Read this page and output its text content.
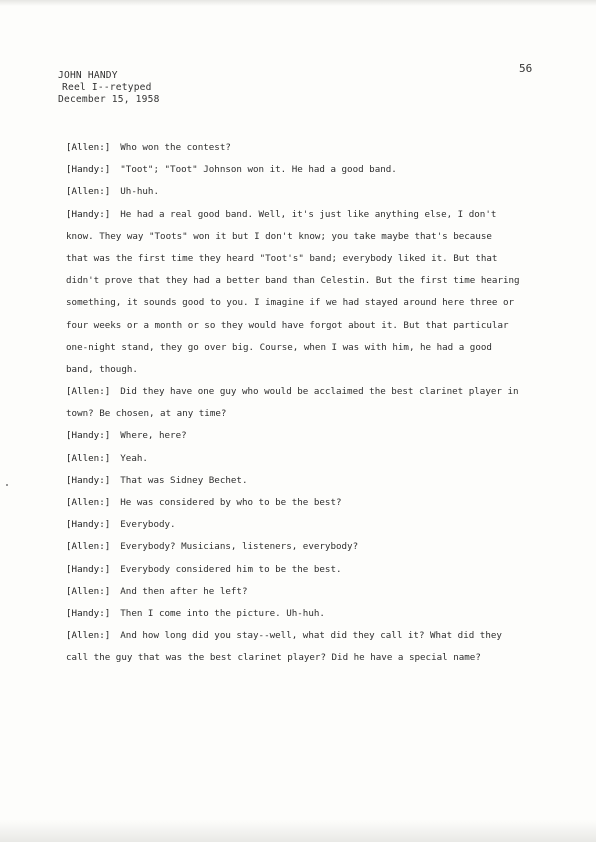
JOHN HANDY
Reel I--retyped
December 15, 1958
56
[Allen:] Who won the contest?
[Handy:] "Toot"; "Toot" Johnson won it. He had a good band.
[Allen:] Uh-huh.
[Handy:] He had a real good band. Well, it's just like anything else, I don't
know. They way "Toots" won it but I don't know; you take maybe that's because
that was the first time they heard "Toot's" band; everybody liked it. But that
didn't prove that they had a better band than Celestin. But the first time hearing
something, it sounds good to you. I imagine if we had stayed around here three or
four weeks or a month or so they would have forgot about it. But that particular
one-night stand, they go over big. Course, when I was with him, he had a good
band, though.
[Allen:] Did they have one guy who would be acclaimed the best clarinet player in
town? Be chosen, at any time?
[Handy:] Where, here?
[Allen:] Yeah.
[Handy:] That was Sidney Bechet.
[Allen:] He was considered by who to be the best?
[Handy:] Everybody.
[Allen:] Everybody? Musicians, listeners, everybody?
[Handy:] Everybody considered him to be the best.
[Allen:] And then after he left?
[Handy:] Then I come into the picture. Uh-huh.
[Allen:] And how long did you stay--well, what did they call it? What did they
call the guy that was the best clarinet player? Did he have a special name?
